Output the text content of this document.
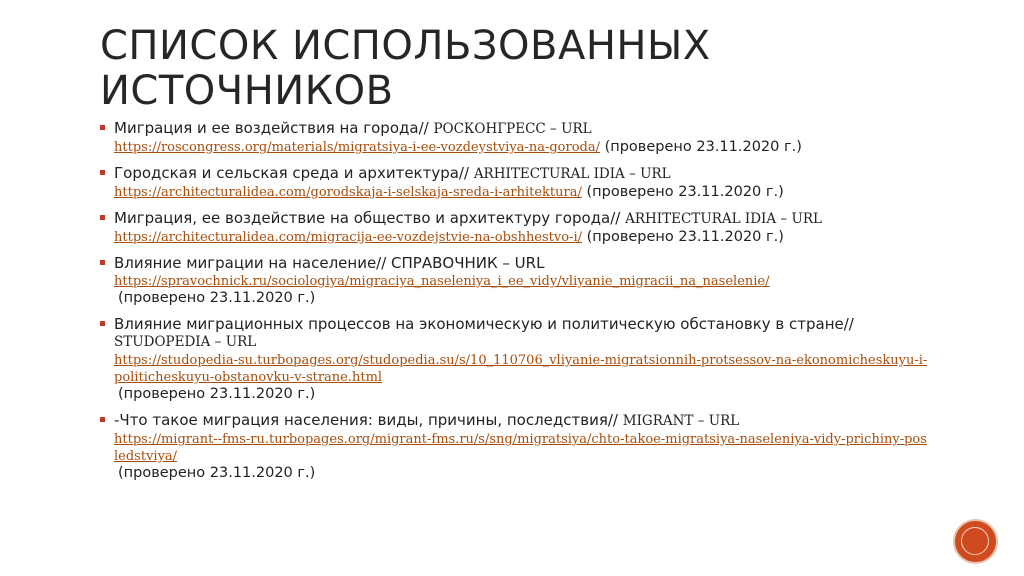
СПИСОК ИСПОЛЬЗОВАННЫХ ИСТОЧНИКОВ
Миграция и ее воздействия на города// РОСКОНГРЕСС – URL
https://roscongress.org/materials/migratsiya-i-ee-vozdeystviya-na-goroda/ (проверено 23.11.2020 г.)
Городская и сельская среда и архитектура// ARHITECTURAL IDIA – URL
https://architecturalidea.com/gorodskaja-i-selskaja-sreda-i-arhitektura/ (проверено 23.11.2020 г.)
Миграция, ее воздействие на общество и архитектуру города// ARHITECTURAL IDIA – URL
https://architecturalidea.com/migracija-ee-vozdejstvie-na-obshhestvo-i/ (проверено 23.11.2020 г.)
Влияние миграции на население// СПРАВОЧНИК – URL
https://spravochnick.ru/sociologiya/migraciya_naseleniya_i_ee_vidy/vliyanie_migracii_na_naselenie/
(проверено 23.11.2020 г.)
Влияние миграционных процессов на экономическую и политическую обстановку в стране// STUDOPEDIA – URL
https://studopedia-su.turbopages.org/studopedia.su/s/10_110706_vliyanie-migratsionnih-protsessov-na-ekonomicheskuyu-i-politicheskuyu-obstanovku-v-strane.html
(проверено 23.11.2020 г.)
-Что такое миграция населения: виды, причины, последствия// MIGRANT – URL
https://migrant--fms-ru.turbopages.org/migrant-fms.ru/s/sng/migratsiya/chto-takoe-migratsiya-naseleniya-vidy-prichiny-posledstviya/
(проверено 23.11.2020 г.)
